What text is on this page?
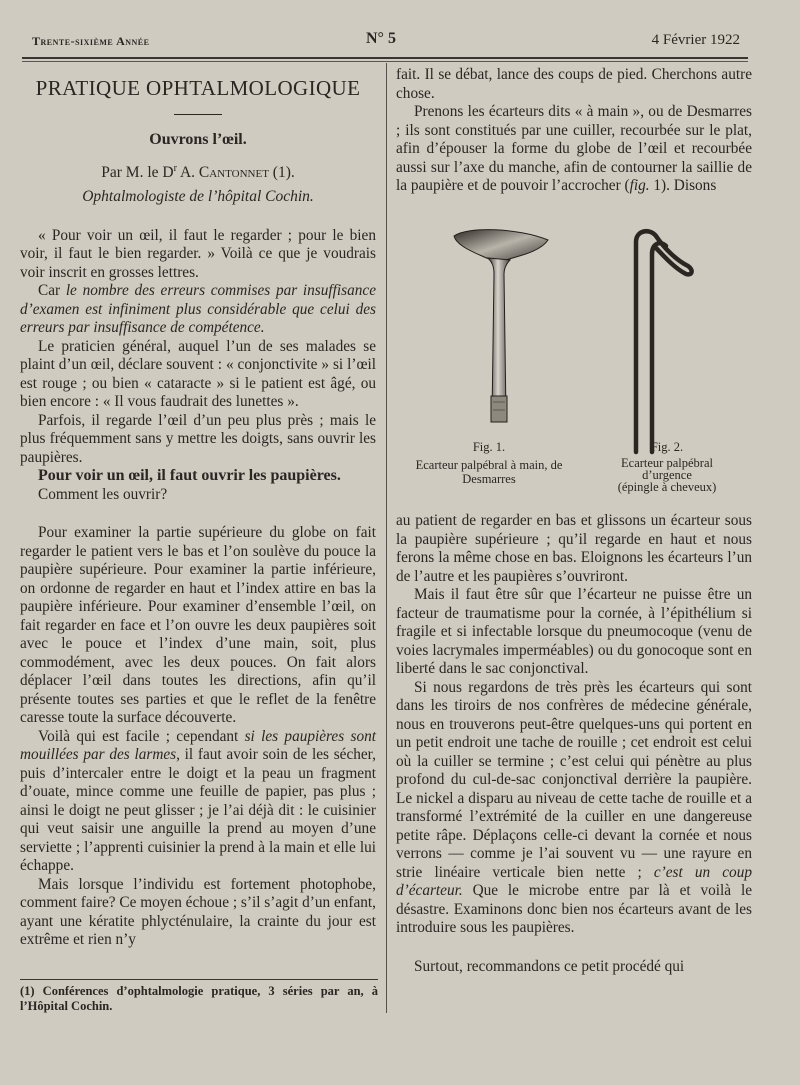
Trente-sixième Année	N° 5	4 Février 1922
PRATIQUE OPHTALMOLOGIQUE
Ouvrons l’œil.
Par M. le $D^r$ A. Cantonnet (1).
Ophtalmologiste de l’hôpital Cochin.

« Pour voir un œil, il faut le regarder ; pour le bien voir, il faut le bien regarder. » Voilà ce que je voudrais voir inscrit en grosses lettres.

Car le nombre des erreurs commises par insuffisance d’examen est infiniment plus considérable que celui des erreurs par insuffisance de compétence.

Le praticien général, auquel l’un de ses malades se plaint d’un œil, déclare souvent : « conjonctivite » si l’œil est rouge ; ou bien « cataracte » si le patient est âgé, ou bien encore : « Il vous faudrait des lunettes ».

Parfois, il regarde l’œil d’un peu plus près ; mais le plus fréquemment sans y mettre les doigts, sans ouvrir les paupières.

Pour voir un œil, il faut ouvrir les paupières.

Comment les ouvrir?

Pour examiner la partie supérieure du globe on fait regarder le patient vers le bas et l’on soulève du pouce la paupière supérieure. Pour examiner la partie inférieure, on ordonne de regarder en haut et l’index attire en bas la paupière inférieure. Pour examiner d’ensemble l’œil, on fait regarder en face et l’on ouvre les deux paupières soit avec le pouce et l’index d’une main, soit, plus commodément, avec les deux pouces. On fait alors déplacer l’œil dans toutes les directions, afin qu’il présente toutes ses parties et que le reflet de la fenêtre caresse toute la surface découverte.

Voilà qui est facile ; cependant si les paupières sont mouillées par des larmes, il faut avoir soin de les sécher, puis d’intercaler entre le doigt et la peau un fragment d’ouate, mince comme une feuille de papier, pas plus ; ainsi le doigt ne peut glisser ; je l’ai déjà dit : le cuisinier qui veut saisir une anguille la prend au moyen d’une serviette ; l’apprenti cuisinier la prend à la main et elle lui échappe.

Mais lorsque l’individu est fortement photophobe, comment faire? Ce moyen échoue ; s’il s’agit d’un enfant, ayant une kératite phlycténulaire, la crainte du jour est extrême et rien n’y

(1) Conférences d’ophtalmologie pratique, 3 séries par an, à l’Hôpital Cochin.

fait. Il se débat, lance des coups de pied. Cherchons autre chose.

Prenons les écarteurs dits « à main », ou de Desmarres ; ils sont constitués par une cuiller, recourbée sur le plat, afin d’épouser la forme du globe de l’œil et recourbée aussi sur l’axe du manche, afin de contourner la saillie de la paupière et de pouvoir l’accrocher (fig. 1). Disons

Fig. 1.
Ecarteur palpébral à main, de Desmarres
Fig. 2.
Ecarteur palpébral
d’urgence
(épingle à cheveux)

au patient de regarder en bas et glissons un écarteur sous la paupière supérieure ; qu’il regarde en haut et nous ferons la même chose en bas. Eloignons les écarteurs l’un de l’autre et les paupières s’ouvriront.

Mais il faut être sûr que l’écarteur ne puisse être un facteur de traumatisme pour la cornée, à l’épithélium si fragile et si infectable lorsque du pneumocoque (venu de voies lacrymales imperméables) ou du gonocoque sont en liberté dans le sac conjonctival.

Si nous regardons de très près les écarteurs qui sont dans les tiroirs de nos confrères de médecine générale, nous en trouverons peut-être quelques-uns qui portent en un petit endroit une tache de rouille ; cet endroit est celui où la cuiller se termine ; c’est celui qui pénètre au plus profond du cul-de-sac conjonctival derrière la paupière. Le nickel a disparu au niveau de cette tache de rouille et a transformé l’extrémité de la cuiller en une dangereuse petite râpe. Déplaçons celle-ci devant la cornée et nous verrons — comme je l’ai souvent vu — une rayure en strie linéaire verticale bien nette ; c’est un coup d’écarteur. Que le microbe entre par là et voilà le désastre. Examinons donc bien nos écarteurs avant de les introduire sous les paupières.

Surtout, recommandons ce petit procédé qui
